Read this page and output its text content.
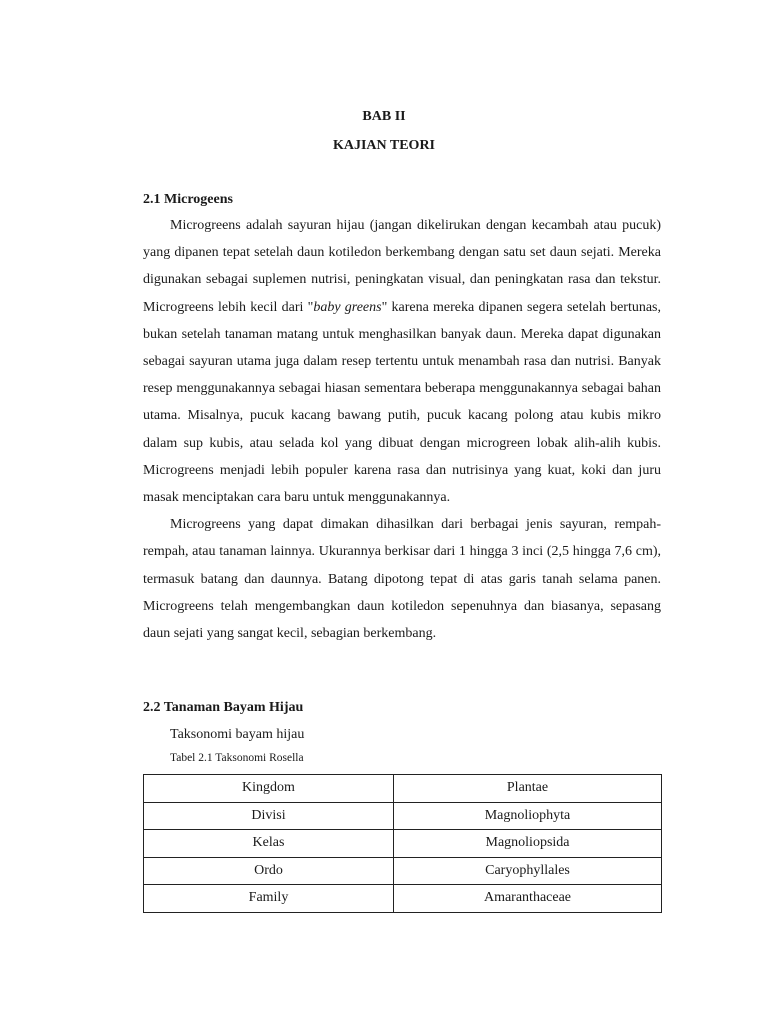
BAB II
KAJIAN TEORI
2.1 Microgeens

Microgreens adalah sayuran hijau (jangan dikelirukan dengan kecambah atau pucuk) yang dipanen tepat setelah daun kotiledon berkembang dengan satu set daun sejati. Mereka digunakan sebagai suplemen nutrisi, peningkatan visual, dan peningkatan rasa dan tekstur. Microgreens lebih kecil dari "baby greens" karena mereka dipanen segera setelah bertunas, bukan setelah tanaman matang untuk menghasilkan banyak daun. Mereka dapat digunakan sebagai sayuran utama juga dalam resep tertentu untuk menambah rasa dan nutrisi. Banyak resep menggunakannya sebagai hiasan sementara beberapa menggunakannya sebagai bahan utama. Misalnya, pucuk kacang bawang putih, pucuk kacang polong atau kubis mikro dalam sup kubis, atau selada kol yang dibuat dengan microgreen lobak alih-alih kubis. Microgreens menjadi lebih populer karena rasa dan nutrisinya yang kuat, koki dan juru masak menciptakan cara baru untuk menggunakannya.

Microgreens yang dapat dimakan dihasilkan dari berbagai jenis sayuran, rempah-rempah, atau tanaman lainnya. Ukurannya berkisar dari 1 hingga 3 inci (2,5 hingga 7,6 cm), termasuk batang dan daunnya. Batang dipotong tepat di atas garis tanah selama panen. Microgreens telah mengembangkan daun kotiledon sepenuhnya dan biasanya, sepasang daun sejati yang sangat kecil, sebagian berkembang.

2.2 Tanaman Bayam Hijau
Taksonomi bayam hijau
Tabel 2.1 Taksonomi Rosella
Kingdom	Plantae
Divisi	Magnoliophyta
Kelas	Magnoliopsida
Ordo	Caryophyllales
Family	Amaranthaceae
